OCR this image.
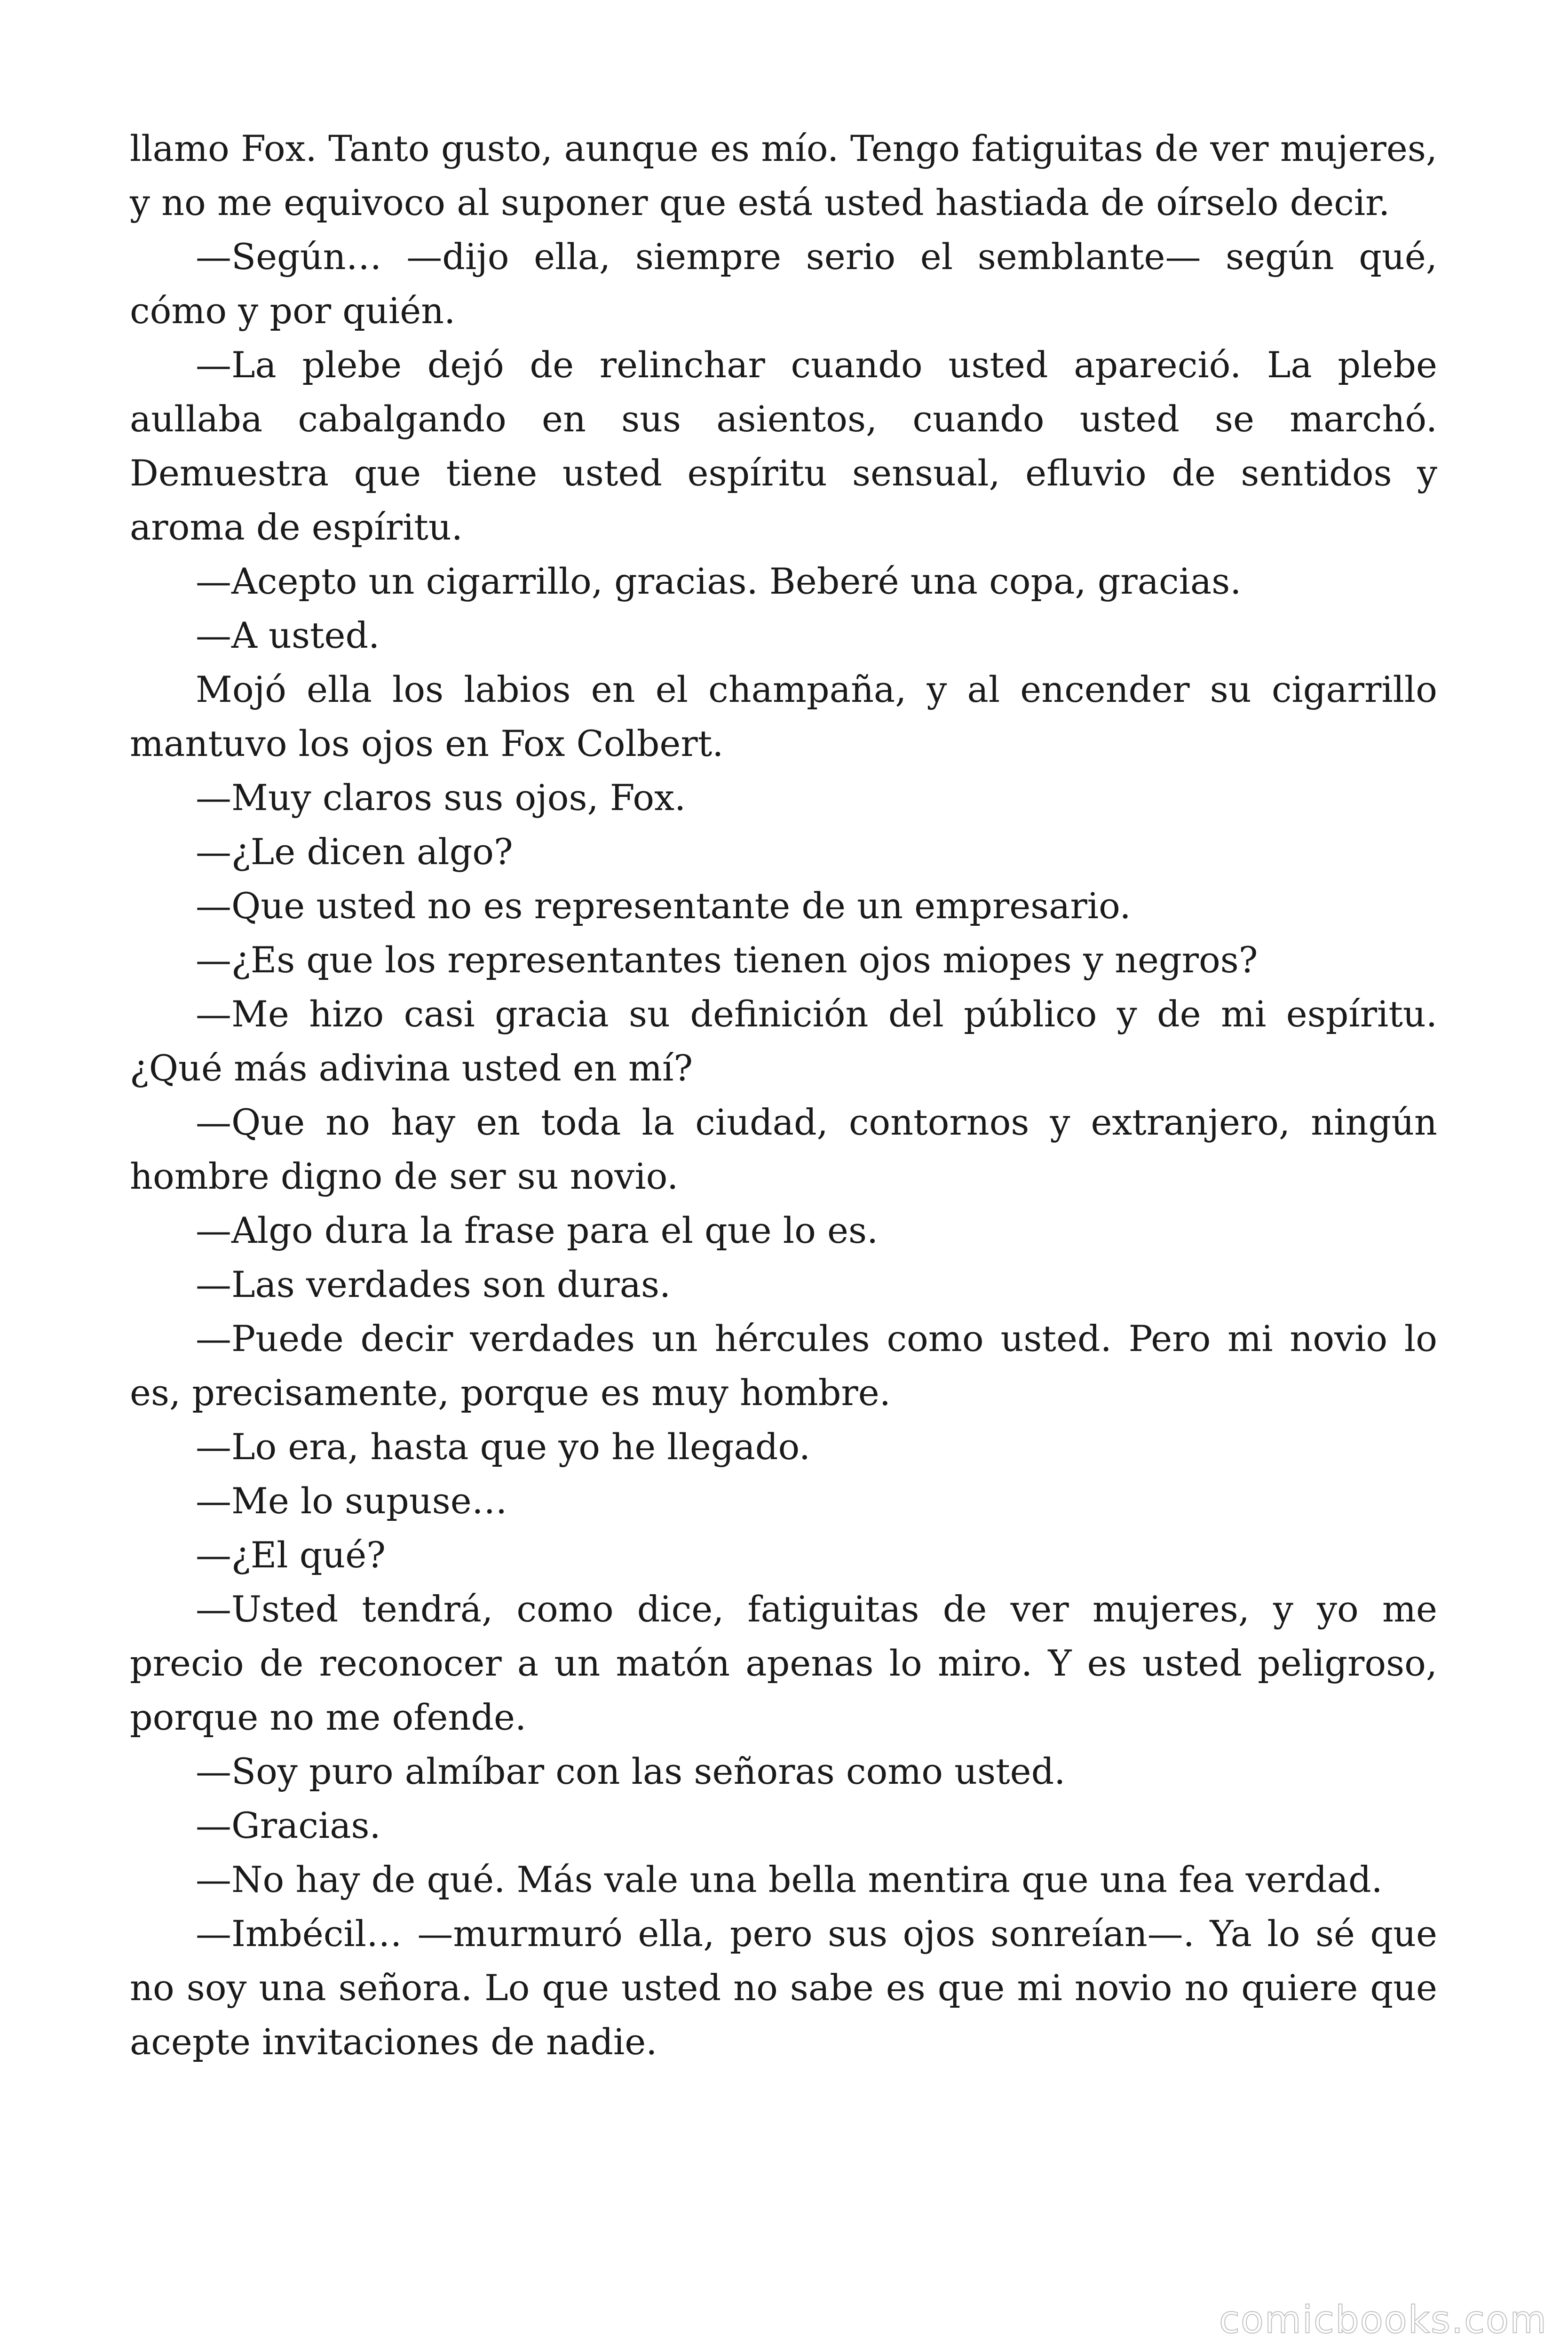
llamo Fox. Tanto gusto, aunque es mío. Tengo fatiguitas de ver mujeres, y no me equivoco al suponer que está usted hastiada de oírselo decir.

—Según… —dijo ella, siempre serio el semblante— según qué, cómo y por quién.

—La plebe dejó de relinchar cuando usted apareció. La plebe aullaba cabalgando en sus asientos, cuando usted se marchó. Demuestra que tiene usted espíritu sensual, efluvio de sentidos y aroma de espíritu.

—Acepto un cigarrillo, gracias. Beberé una copa, gracias.

—A usted.

Mojó ella los labios en el champaña, y al encender su cigarrillo mantuvo los ojos en Fox Colbert.

—Muy claros sus ojos, Fox.

—¿Le dicen algo?

—Que usted no es representante de un empresario.

—¿Es que los representantes tienen ojos miopes y negros?

—Me hizo casi gracia su definición del público y de mi espíritu. ¿Qué más adivina usted en mí?

—Que no hay en toda la ciudad, contornos y extranjero, ningún hombre digno de ser su novio.

—Algo dura la frase para el que lo es.

—Las verdades son duras.

—Puede decir verdades un hércules como usted. Pero mi novio lo es, precisamente, porque es muy hombre.

—Lo era, hasta que yo he llegado.

—Me lo supuse…

—¿El qué?

—Usted tendrá, como dice, fatiguitas de ver mujeres, y yo me precio de reconocer a un matón apenas lo miro. Y es usted peligroso, porque no me ofende.

—Soy puro almíbar con las señoras como usted.

—Gracias.

—No hay de qué. Más vale una bella mentira que una fea verdad.

—Imbécil… —murmuró ella, pero sus ojos sonreían—. Ya lo sé que no soy una señora. Lo que usted no sabe es que mi novio no quiere que acepte invitaciones de nadie.

comicbooks.com
